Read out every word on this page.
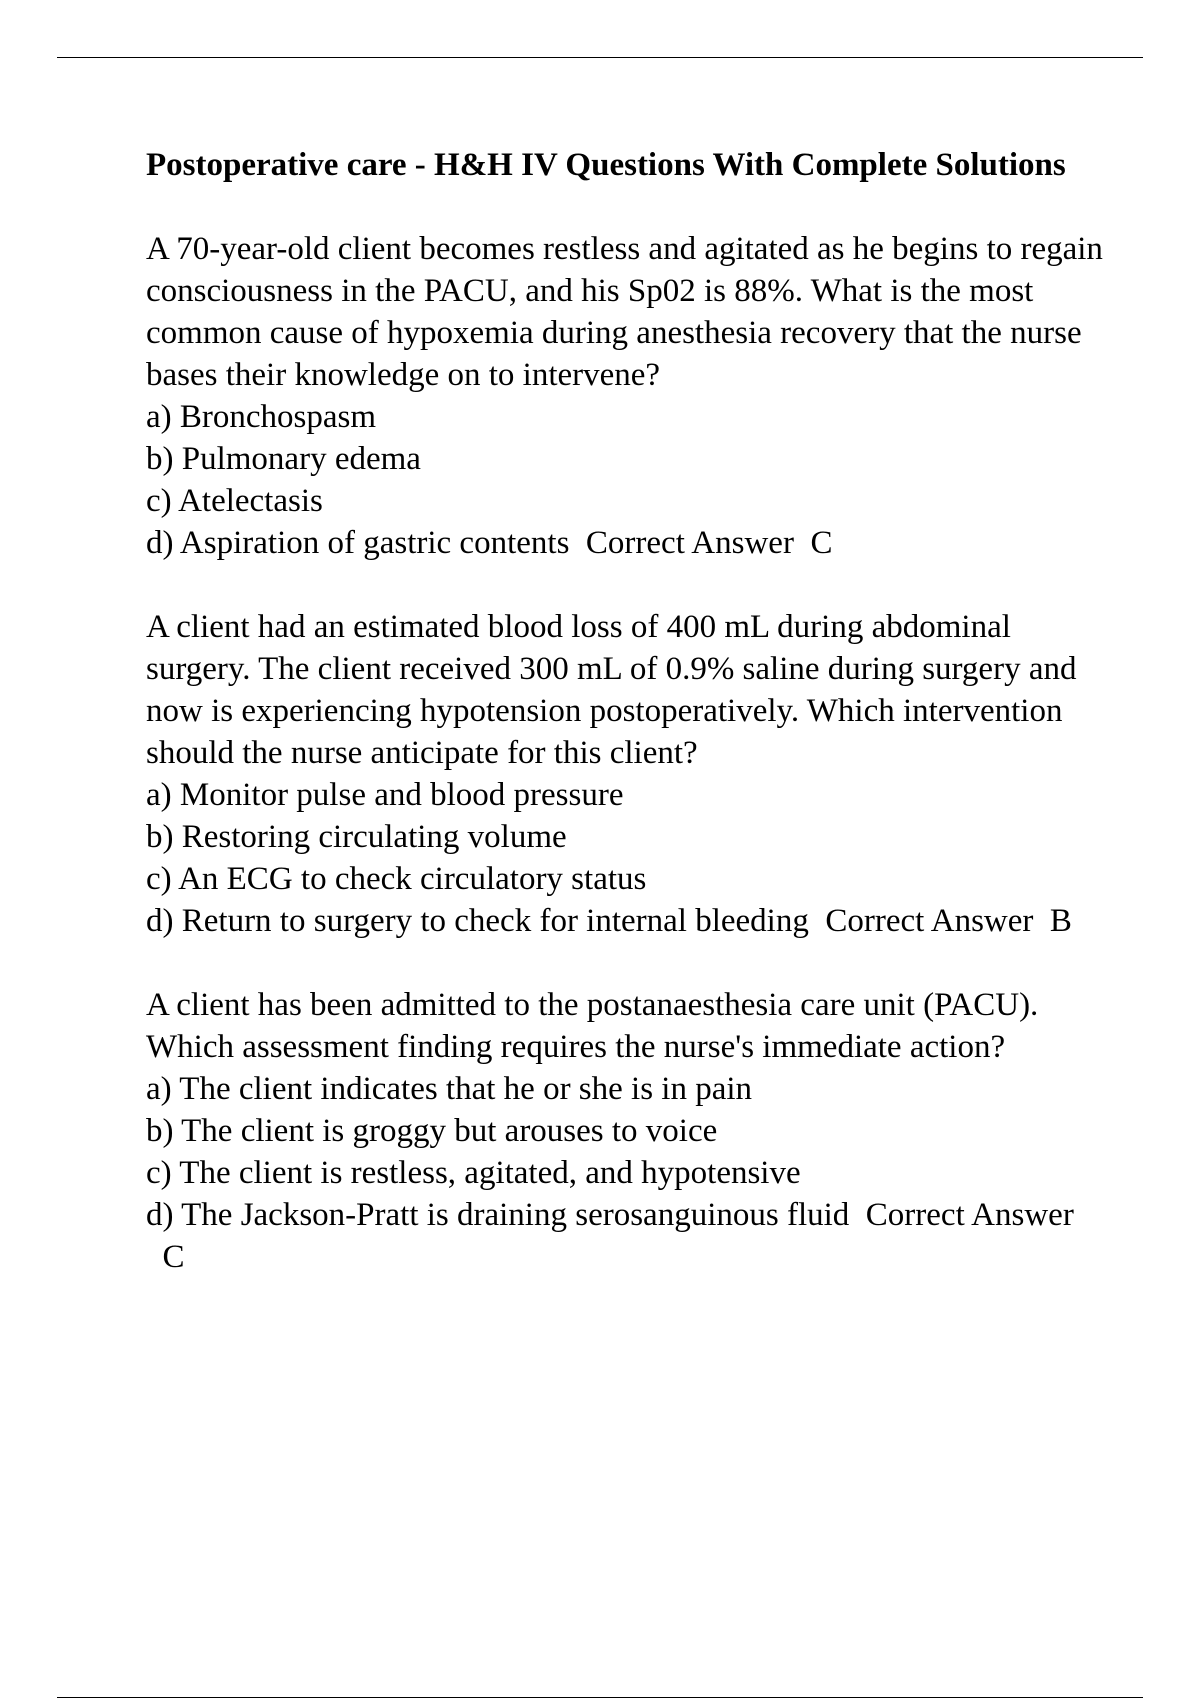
Postoperative care - H&H IV Questions With Complete Solutions
A 70-year-old client becomes restless and agitated as he begins to regain consciousness in the PACU, and his Sp02 is 88%. What is the most common cause of hypoxemia during anesthesia recovery that the nurse bases their knowledge on to intervene?
a) Bronchospasm
b) Pulmonary edema
c) Atelectasis
d) Aspiration of gastric contents Correct Answer C
A client had an estimated blood loss of 400 mL during abdominal surgery. The client received 300 mL of 0.9% saline during surgery and now is experiencing hypotension postoperatively. Which intervention should the nurse anticipate for this client?
a) Monitor pulse and blood pressure
b) Restoring circulating volume
c) An ECG to check circulatory status
d) Return to surgery to check for internal bleeding Correct Answer B
A client has been admitted to the postanaesthesia care unit (PACU). Which assessment finding requires the nurse's immediate action?
a) The client indicates that he or she is in pain
b) The client is groggy but arouses to voice
c) The client is restless, agitated, and hypotensive
d) The Jackson-Pratt is draining serosanguinous fluid Correct Answer  C
